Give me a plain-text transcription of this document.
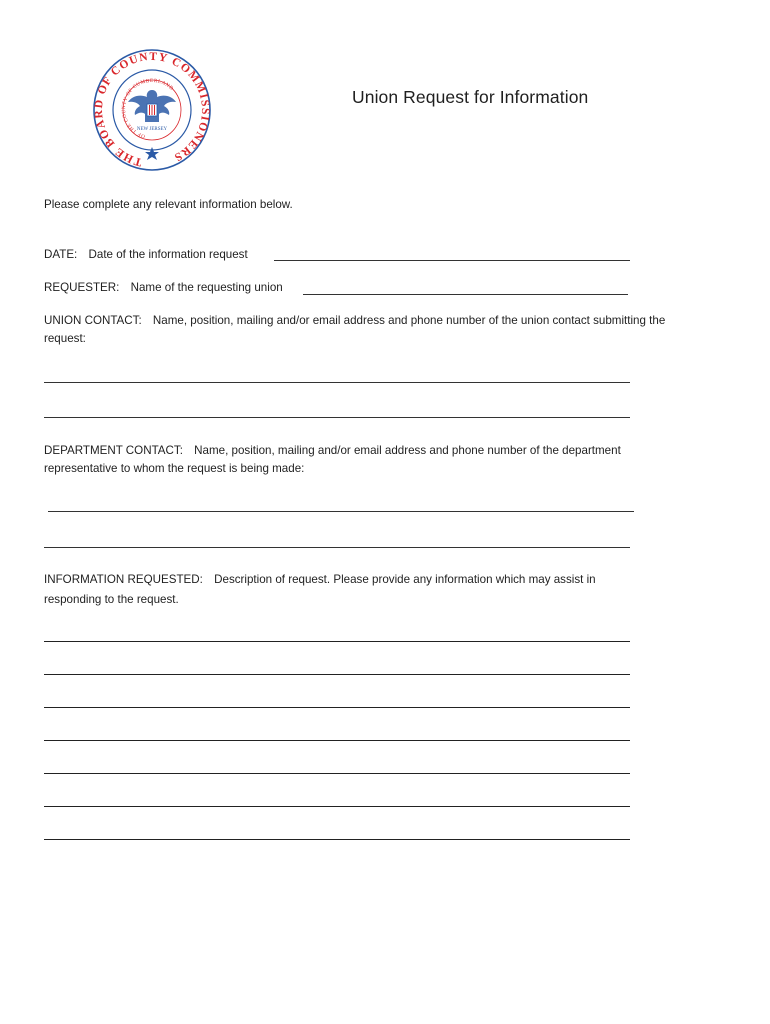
THE BOARD OF COUNTY COMMISSIONERS
OF THE COUNTY OF CUMBERLAND
NEW JERSEY
Union Request for Information
Please complete any relevant information below.
DATE: Date of the information request
REQUESTER: Name of the requesting union
UNION CONTACT: Name, position, mailing and/or email address and phone number of the union contact submitting the
request:
DEPARTMENT CONTACT: Name, position, mailing and/or email address and phone number of the department
representative to whom the request is being made:
INFORMATION REQUESTED: Description of request. Please provide any information which may assist in
responding to the request.
